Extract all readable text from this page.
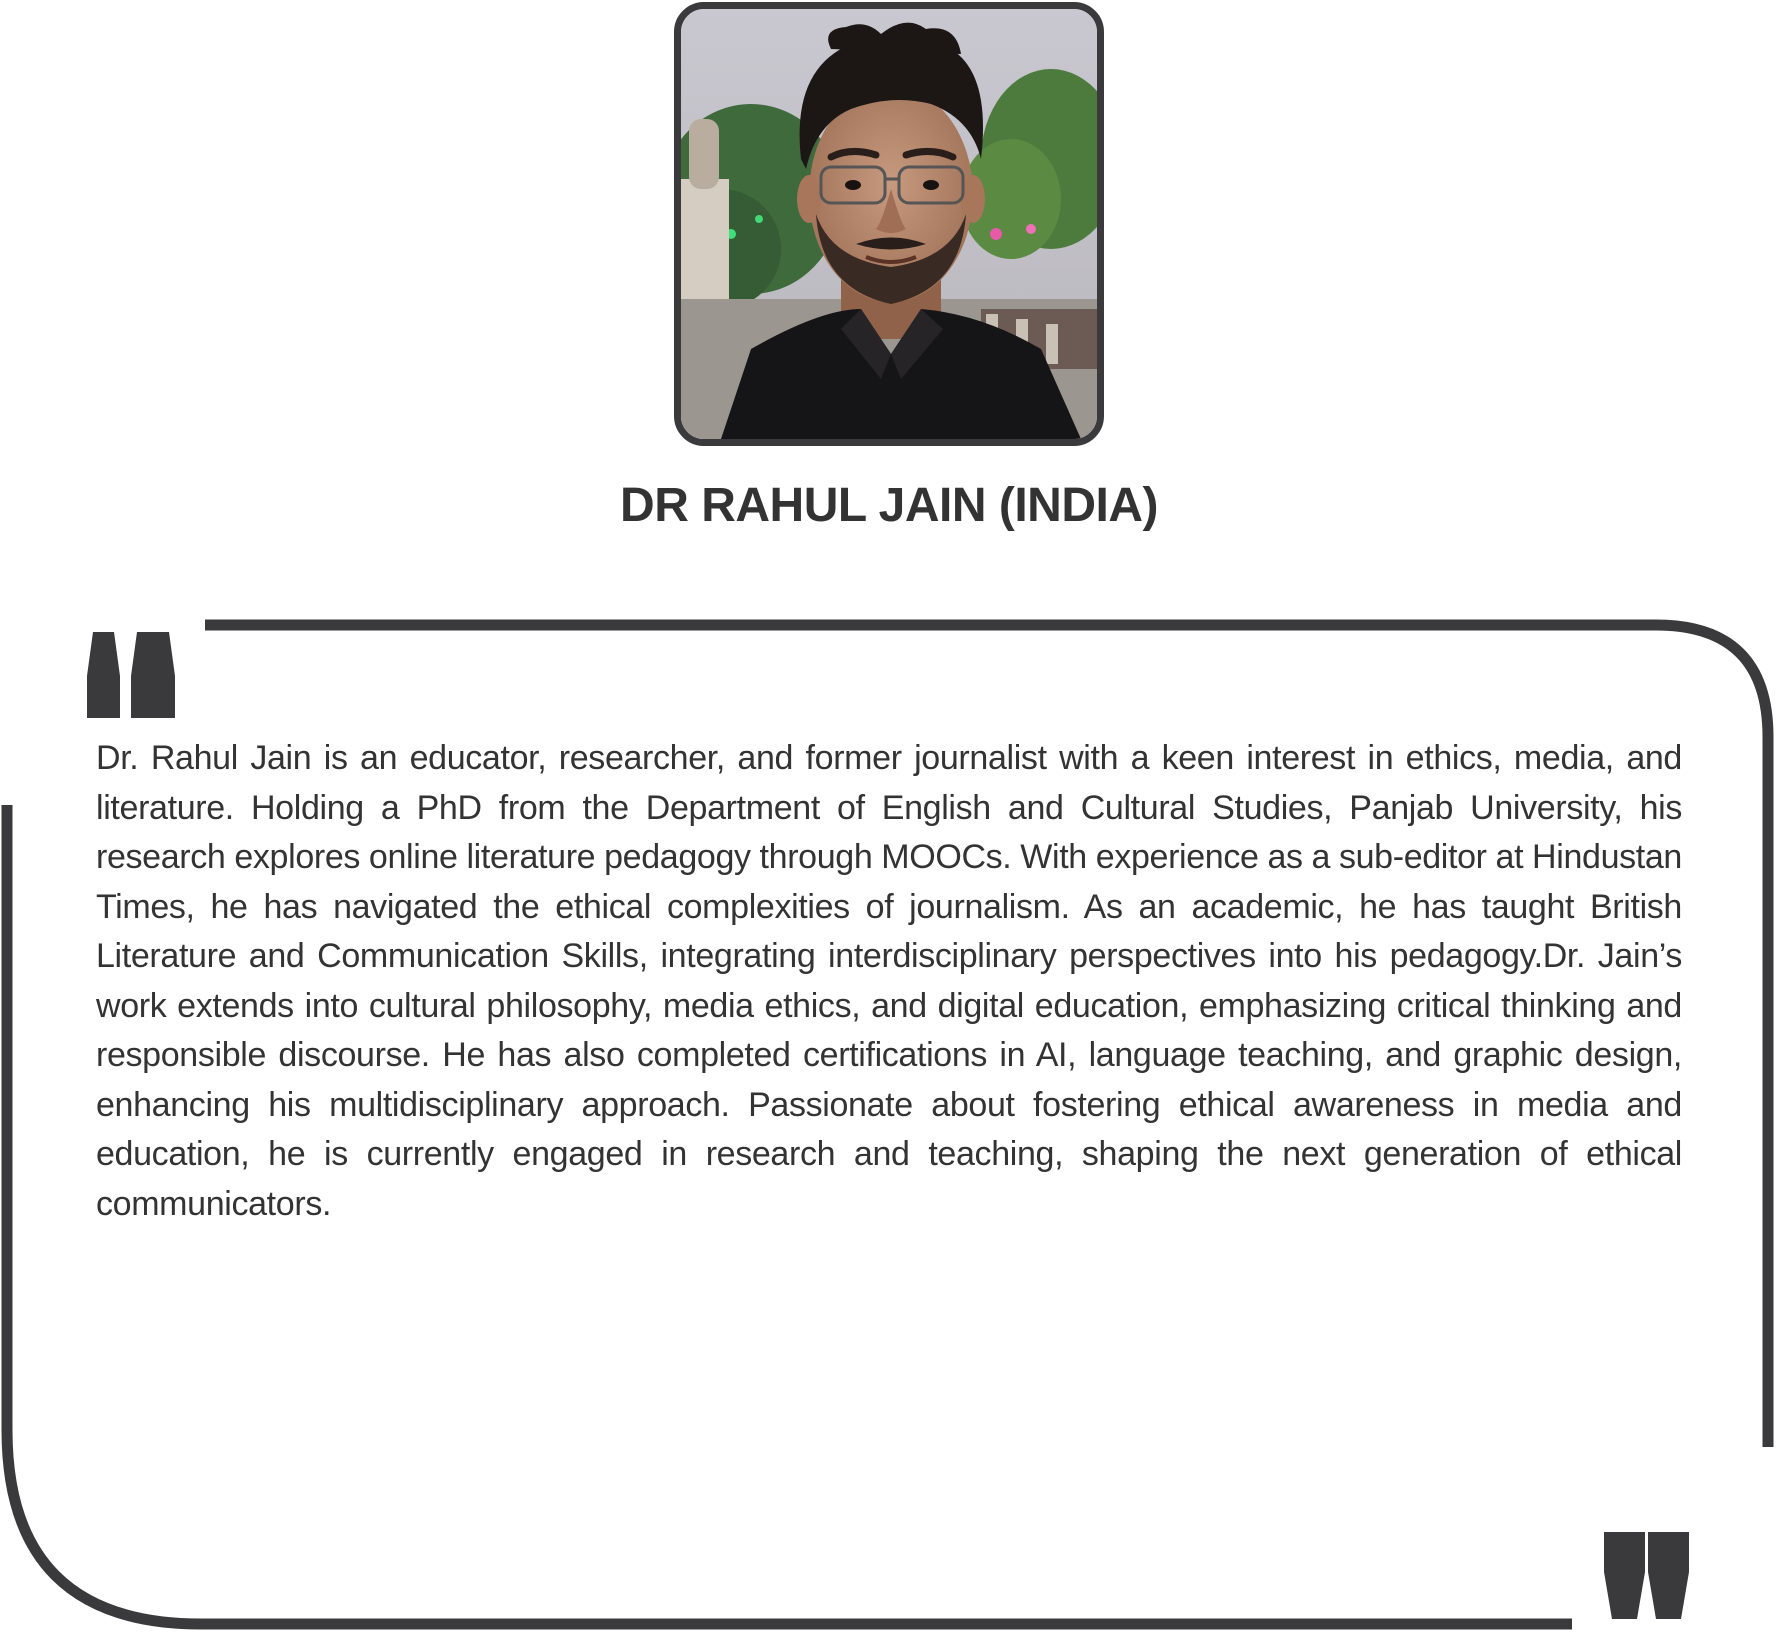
DR RAHUL JAIN (INDIA)

Dr. Rahul Jain is an educator, researcher, and former journalist with a keen interest in ethics, media, and literature. Holding a PhD from the Department of English and Cultural Studies, Panjab University, his research explores online literature pedagogy through MOOCs. With experience as a sub-editor at Hindustan Times, he has navigated the ethical complexities of journalism. As an academic, he has taught British Literature and Communication Skills, integrating interdisciplinary perspectives into his pedagogy.Dr. Jain’s work extends into cultural philosophy, media ethics, and digital education, emphasizing critical thinking and responsible discourse. He has also completed certifications in AI, language teaching, and graphic design, enhancing his multidisciplinary approach. Passionate about fostering ethical awareness in media and education, he is currently engaged in research and teaching, shaping the next generation of ethical communicators.
